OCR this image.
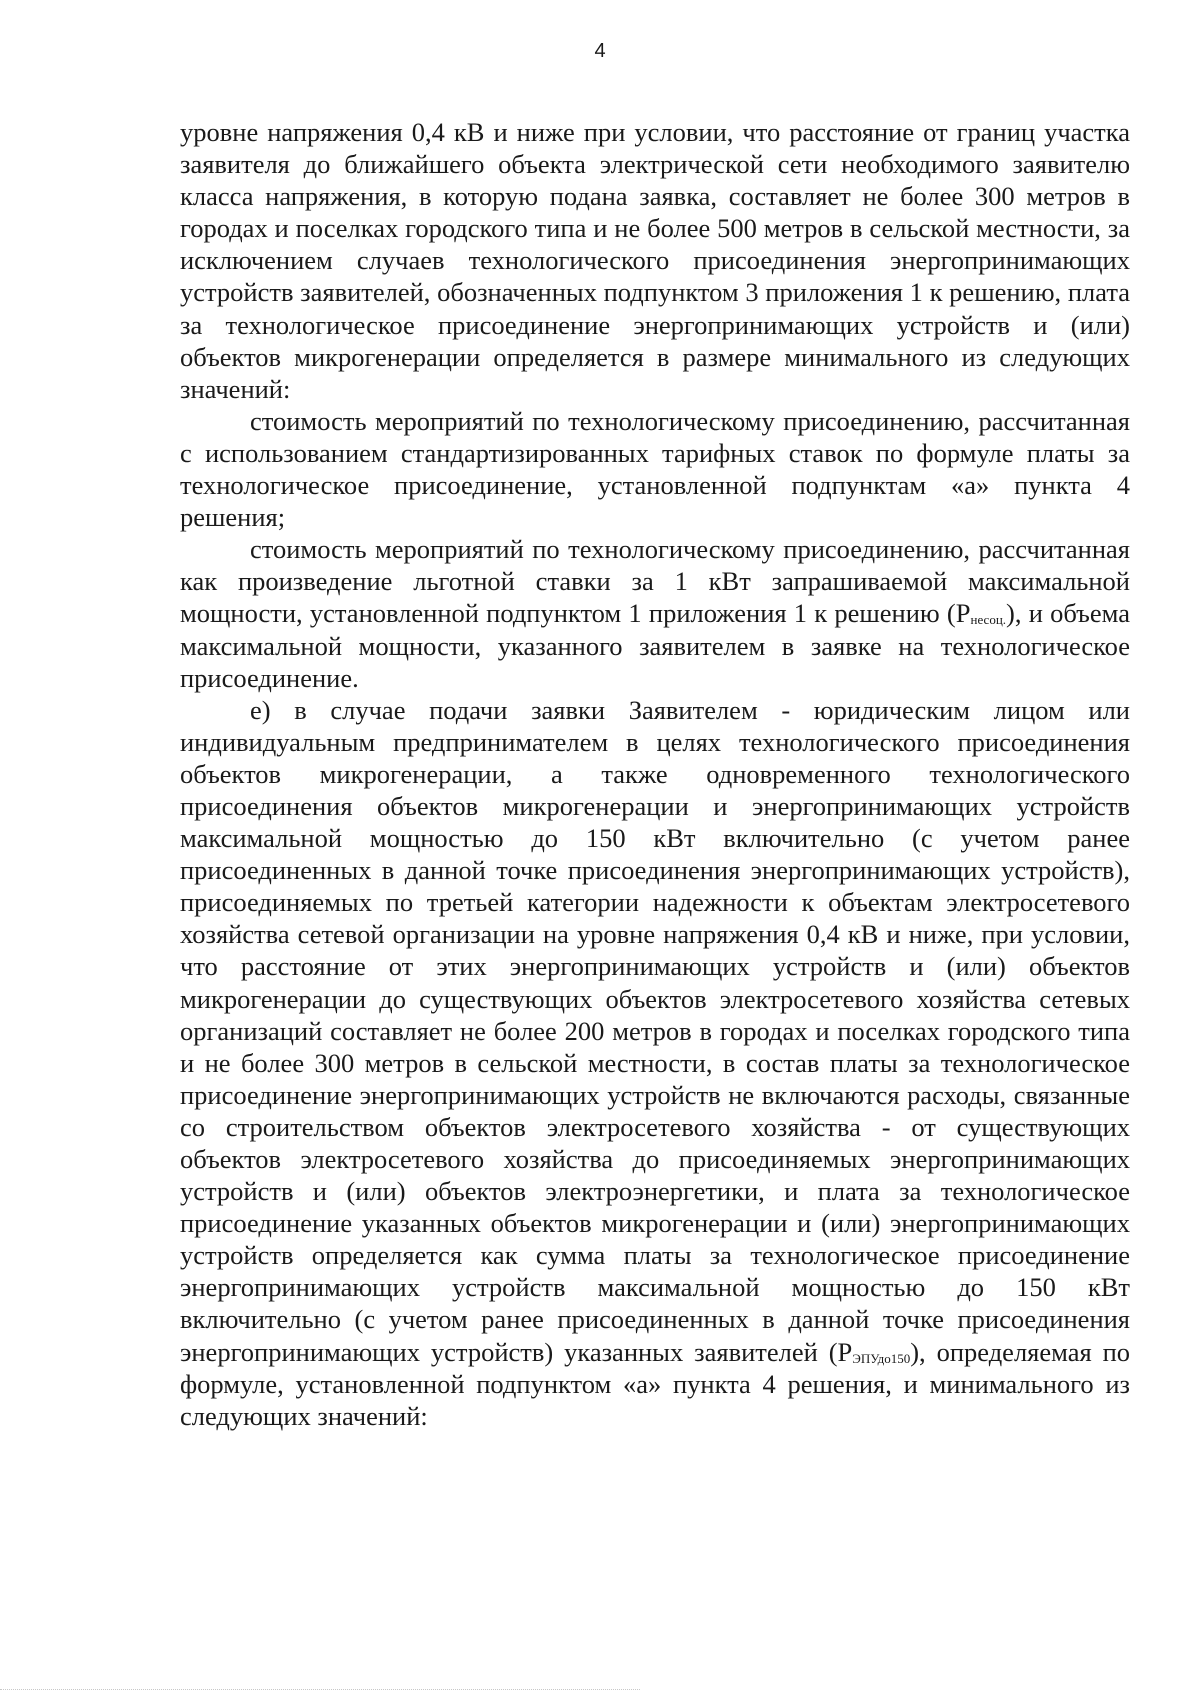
4

уровне напряжения 0,4 кВ и ниже при условии, что расстояние от границ участка заявителя до ближайшего объекта электрической сети необходимого заявителю класса напряжения, в которую подана заявка, составляет не более 300 метров в городах и поселках городского типа и не более 500 метров в сельской местности, за исключением случаев технологического присоединения энергопринимающих устройств заявителей, обозначенных подпунктом 3 приложения 1 к решению, плата за технологическое присоединение энергопринимающих устройств и (или) объектов микрогенерации определяется в размере минимального из следующих значений:

стоимость мероприятий по технологическому присоединению, рассчитанная с использованием стандартизированных тарифных ставок по формуле платы за технологическое присоединение, установленной подпунктам «а» пункта 4 решения;

стоимость мероприятий по технологическому присоединению, рассчитанная как произведение льготной ставки за 1 кВт запрашиваемой максимальной мощности, установленной подпунктом 1 приложения 1 к решению $(Р_{несоц.})$, и объема максимальной мощности, указанного заявителем в заявке на технологическое присоединение.

е) в случае подачи заявки Заявителем - юридическим лицом или индивидуальным предпринимателем в целях технологического присоединения объектов микрогенерации, а также одновременного технологического присоединения объектов микрогенерации и энергопринимающих устройств максимальной мощностью до 150 кВт включительно (с учетом ранее присоединенных в данной точке присоединения энергопринимающих устройств), присоединяемых по третьей категории надежности к объектам электросетевого хозяйства сетевой организации на уровне напряжения 0,4 кВ и ниже, при условии, что расстояние от этих энергопринимающих устройств и (или) объектов микрогенерации до существующих объектов электросетевого хозяйства сетевых организаций составляет не более 200 метров в городах и поселках городского типа и не более 300 метров в сельской местности, в состав платы за технологическое присоединение энергопринимающих устройств не включаются расходы, связанные со строительством объектов электросетевого хозяйства - от существующих объектов электросетевого хозяйства до присоединяемых энергопринимающих устройств и (или) объектов электроэнергетики, и плата за технологическое присоединение указанных объектов микрогенерации и (или) энергопринимающих устройств определяется как сумма платы за технологическое присоединение энергопринимающих устройств максимальной мощностью до 150 кВт включительно (с учетом ранее присоединенных в данной точке присоединения энергопринимающих устройств) указанных заявителей $(Р_{ЭПУдо150})$, определяемая по формуле, установленной подпунктом «а» пункта 4 решения, и минимального из следующих значений:
